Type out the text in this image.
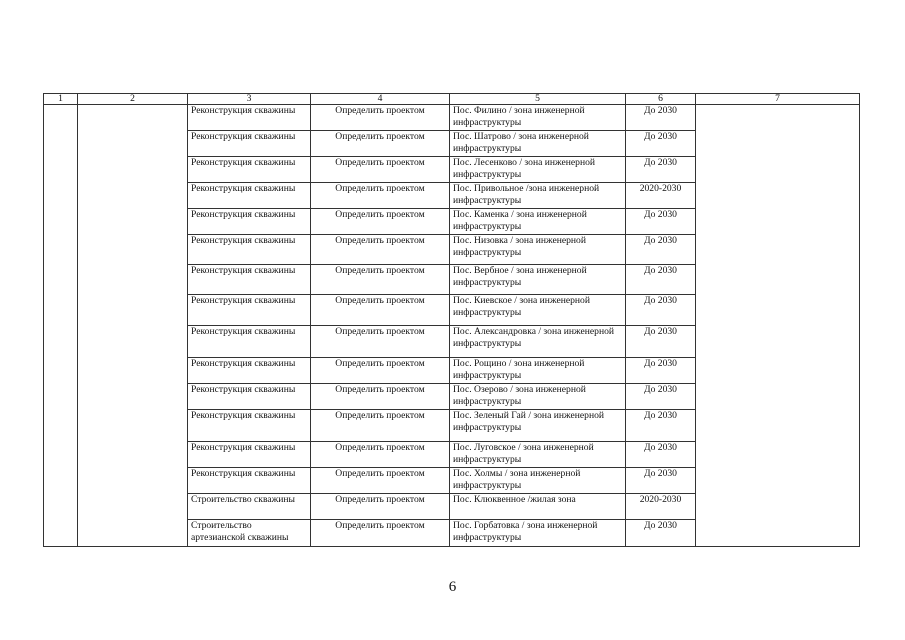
1	2	3	4	5	6	7
		Реконструкция скважины	Определить проектом	Пос. Филино / зона инженерной инфраструктуры	До 2030	
		Реконструкция скважины	Определить проектом	Пос. Шатрово / зона инженерной инфраструктуры	До 2030	
		Реконструкция скважины	Определить проектом	Пос. Лесенково / зона инженерной инфраструктуры	До 2030	
		Реконструкция скважины	Определить проектом	Пос. Привольное /зона инженерной инфраструктуры	2020-2030	
		Реконструкция скважины	Определить проектом	Пос. Каменка / зона инженерной инфраструктуры	До 2030	
		Реконструкция скважины	Определить проектом	Пос. Низовка / зона инженерной инфраструктуры	До 2030	
		Реконструкция скважины	Определить проектом	Пос. Вербное / зона инженерной инфраструктуры	До 2030	
		Реконструкция скважины	Определить проектом	Пос. Киевское / зона инженерной инфраструктуры	До 2030	
		Реконструкция скважины	Определить проектом	Пос. Александровка / зона инженерной инфраструктуры	До 2030	
		Реконструкция скважины	Определить проектом	Пос. Рощино / зона инженерной инфраструктуры	До 2030	
		Реконструкция скважины	Определить проектом	Пос. Озерово / зона инженерной инфраструктуры	До 2030	
		Реконструкция скважины	Определить проектом	Пос. Зеленый Гай / зона инженерной инфраструктуры	До 2030	
		Реконструкция скважины	Определить проектом	Пос. Луговское / зона инженерной инфраструктуры	До 2030	
		Реконструкция скважины	Определить проектом	Пос. Холмы / зона инженерной инфраструктуры	До 2030	
		Строительство скважины	Определить проектом	Пос. Клюквенное /жилая зона	2020-2030	
		Строительство артезианской скважины	Определить проектом	Пос. Горбатовка / зона инженерной инфраструктуры	До 2030	
6
